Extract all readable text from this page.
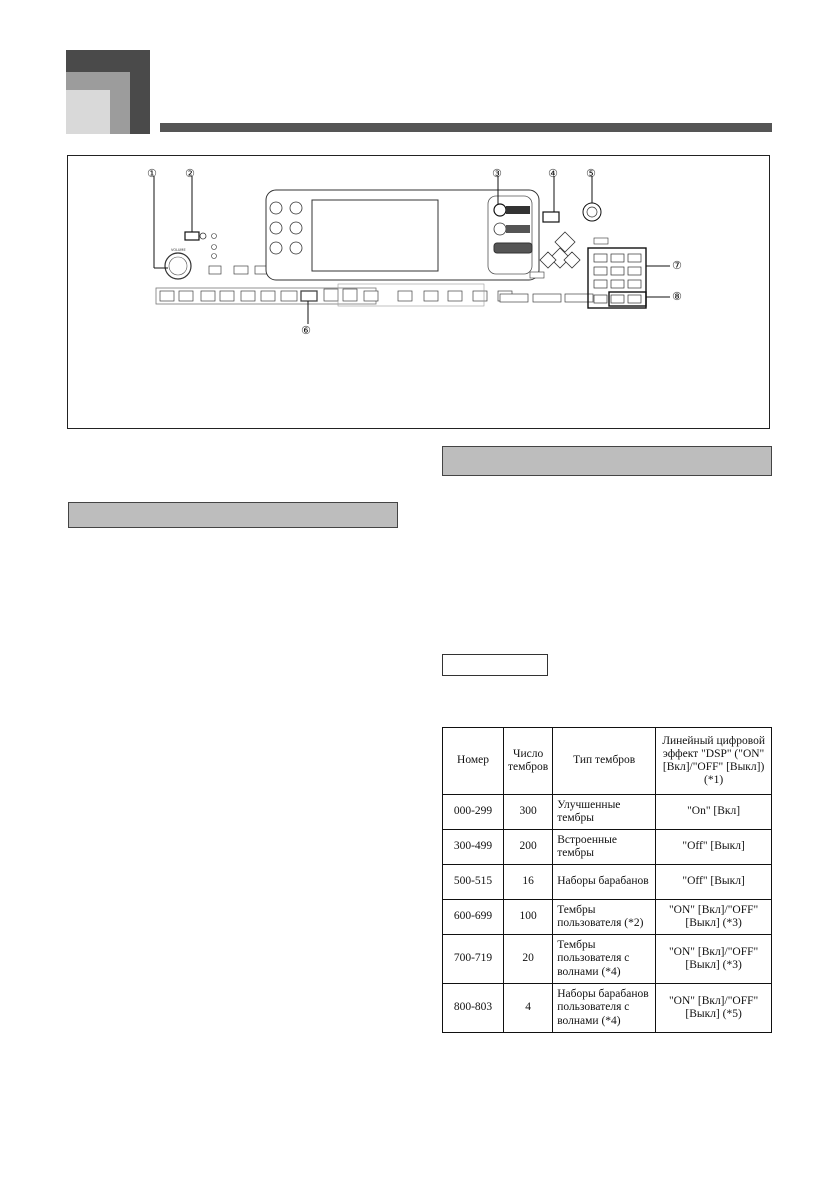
VOLUME
①	②	③	④	⑤
⑥
⑦
⑧
Номер	Число тембров	Тип тембров	Линейный цифровой эффект "DSP" ("ON" [Вкл]/"OFF" [Выкл]) (*1)
000-299	300	Улучшенные тембры	"On" [Вкл]
300-499	200	Встроенные тембры	"Off" [Выкл]
500-515	16	Наборы барабанов	"Off" [Выкл]
600-699	100	Тембры пользователя (*2)	"ON" [Вкл]/"OFF" [Выкл] (*3)
700-719	20	Тембры пользователя с волнами (*4)	"ON" [Вкл]/"OFF" [Выкл] (*3)
800-803	4	Наборы барабанов пользователя с волнами (*4)	"ON" [Вкл]/"OFF" [Выкл] (*5)
